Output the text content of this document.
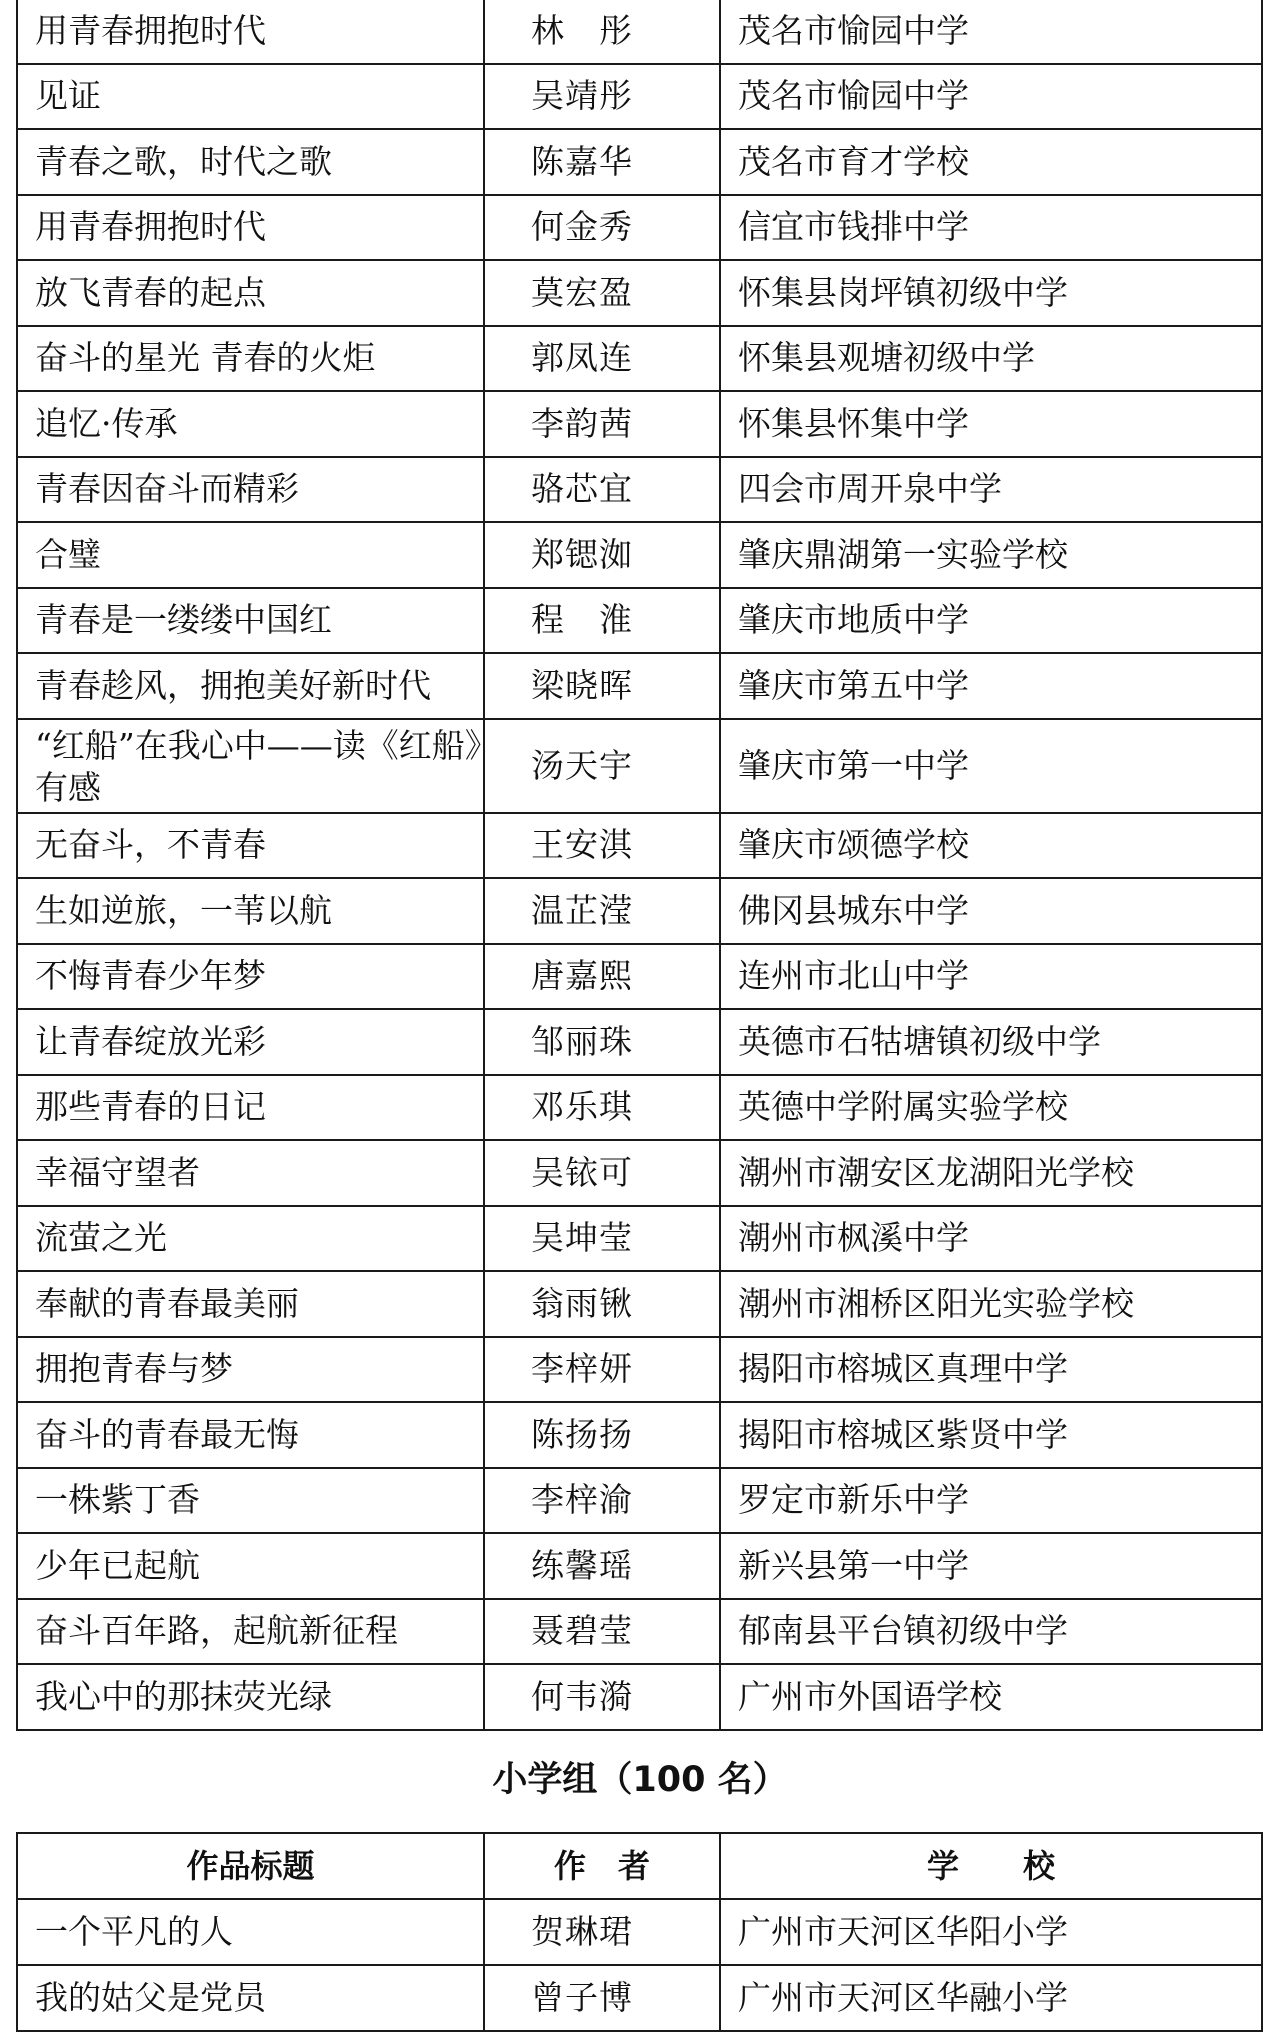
用青春拥抱时代	林　彤	茂名市愉园中学
见证	吴靖彤	茂名市愉园中学
青春之歌，时代之歌	陈嘉华	茂名市育才学校
用青春拥抱时代	何金秀	信宜市钱排中学
放飞青春的起点	莫宏盈	怀集县岗坪镇初级中学
奋斗的星光 青春的火炬	郭凤连	怀集县观塘初级中学
追忆·传承	李韵茜	怀集县怀集中学
青春因奋斗而精彩	骆芯宜	四会市周开泉中学
合璧	郑锶洳	肇庆鼎湖第一实验学校
青春是一缕缕中国红	程　淮	肇庆市地质中学
青春趁风，拥抱美好新时代	梁晓晖	肇庆市第五中学
“红船”在我心中——读《红船》有感	汤天宇	肇庆市第一中学
无奋斗，不青春	王安淇	肇庆市颂德学校
生如逆旅，一苇以航	温芷滢	佛冈县城东中学
不悔青春少年梦	唐嘉熙	连州市北山中学
让青春绽放光彩	邹丽珠	英德市石牯塘镇初级中学
那些青春的日记	邓乐琪	英德中学附属实验学校
幸福守望者	吴铱可	潮州市潮安区龙湖阳光学校
流萤之光	吴坤莹	潮州市枫溪中学
奉献的青春最美丽	翁雨锹	潮州市湘桥区阳光实验学校
拥抱青春与梦	李梓妍	揭阳市榕城区真理中学
奋斗的青春最无悔	陈扬扬	揭阳市榕城区紫贤中学
一株紫丁香	李梓渝	罗定市新乐中学
少年已起航	练馨瑶	新兴县第一中学
奋斗百年路，起航新征程	聂碧莹	郁南县平台镇初级中学
我心中的那抹荧光绿	何韦漪	广州市外国语学校
小学组（100 名）
作品标题	作　者	学　　校
一个平凡的人	贺琳珺	广州市天河区华阳小学
我的姑父是党员	曾子博	广州市天河区华融小学
